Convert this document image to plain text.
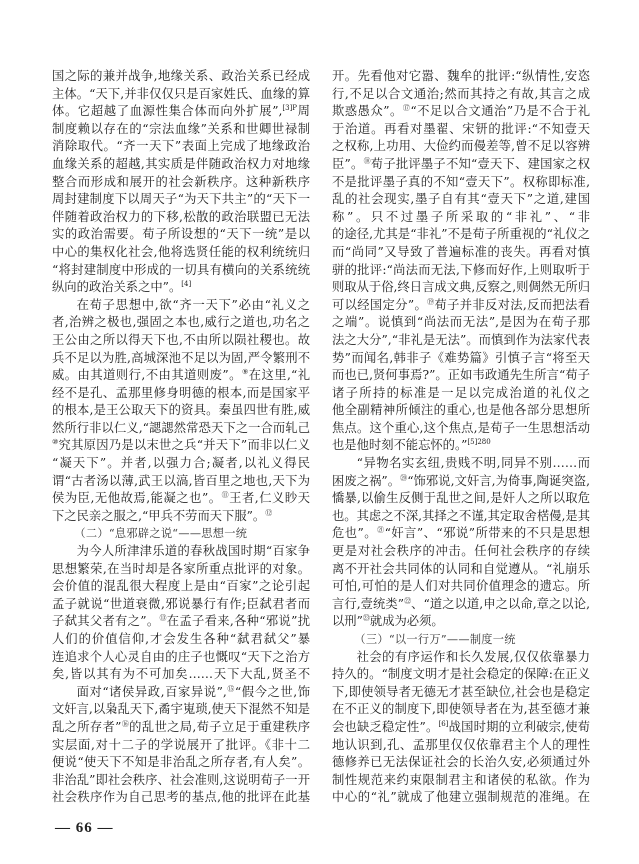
国之际的兼并战争,地缘关系、政治关系已经成
主体。“天下,并非仅仅只是百家姓氏、血缘的算
体。它超越了血源性集合体而向外扩展”,$^{[3]P}$周
制度赖以存在的“宗法血缘”关系和世卿世禄制
消除取代。“齐一天下”表面上完成了地缘政治
血缘关系的超越,其实质是伴随政治权力对地缘
整合而形成和展开的社会新秩序。这种新秩序
周封建制度下以周天子“为天下共主”的“天下一
伴随着政治权力的下移,松散的政治联盟已无法
实的政治需要。荀子所设想的“天下一统”是以
中心的集权化社会,他将选贤任能的权利统统归
“将封建制度中形成的一切具有横向的关系统统
纵向的政治关系之中”。[4]
在荀子思想中,欲“齐一天下”必由“礼义之
者,治辨之极也,强固之本也,威行之道也,功名之
王公由之所以得天下也,不由所以陨社稷也。故
兵不足以为胜,高城深池不足以为固,严令繁刑不
威。由其道则行,不由其道则废”。⑨在这里,“礼
经不是孔、孟那里修身明德的根本,而是国家平
的根本,是王公取天下的资具。秦虽四世有胜,威
然所行非以仁义,“諰諰然常恐天下之一合而轧己
⑩究其原因乃是以末世之兵“并天下”而非以仁义
“凝天下”。并者,以强力合;凝者,以礼义得民
谓“古者汤以薄,武王以滈,皆百里之地也,天下为
侯为臣,无他故焉,能凝之也”。⑪王者,仁义眇天
下之民亲之服之,“甲兵不劳而天下服”。⑫
（二）“息邪辟之说“——思想一统
为今人所津津乐道的春秋战国时期“百家争
思想繁荣,在当时却是各家所重点批评的对象。
会价值的混乱很大程度上是由“百家”之论引起
孟子就说“世道衰微,邪说暴行有作;臣弑君者而
子弑其父者有之”。⑬在孟子看来,各种“邪说”扰
人们的价值信仰,才会发生各种“弑君弑父”暴
连追求个人心灵自由的庄子也慨叹“天下之治方
矣,皆以其有为不可加矣……天下大乱,贤圣不
面对“诸侯异政,百家异说”,⑮“假今之世,饰
文奸言,以枭乱天下,矞宇嵬琐,使天下混然不知是
乱之所存者”⑯的乱世之局,荀子立足于重建秩序
实层面,对十二子的学说展开了批评。《非十二
便说“使天下不知是非治乱之所存者,有人矣”。
非治乱”即社会秩序、社会准则,这说明荀子一开
社会秩序作为自己思考的基点,他的批评在此基
开。先看他对它嚣、魏牟的批评:“纵情性,安恣
行,不足以合文通治;然而其持之有故,其言之成
欺惑愚众”。⑰“不足以合文通治”乃是不合于礼
于治道。再看对墨翟、宋钘的批评:“不知壹天
之权称,上功用、大俭约而僈差等,曾不足以容辨
臣”。⑱荀子批评墨子不知“壹天下、建国家之权
不是批评墨子真的不知“壹天下”。权称即标准,
乱的社会现实,墨子自有其“壹天下”之道,建国
称”。只不过墨子所采取的“非礼”、“非
的途径,尤其是“非礼”不是荀子所重视的“礼仪之
而“尚同”又导致了普遍标准的丧失。再看对慎
骈的批评:“尚法而无法,下修而好作,上则取听于
则取从于俗,终日言成文典,反察之,则倜然无所归
可以经国定分”。⑲荀子并非反对法,反而把法看
之端”。说慎到“尚法而无法”,是因为在荀子那
法之大分”,“非礼是无法”。而慎到作为法家代表
势”而闻名,韩非子《难势篇》引慎子言“将至天
而也已,贤何事焉?”。正如韦政通先生所言“荀子
诸子所持的标准是一足以完成治道的礼仪之
他全副精神所倾注的重心,也是他各部分思想所
焦点。这个重心,这个焦点,是荀子一生思想活动
也是他时刻不能忘怀的。”$^{[5]280}$
“异物名实玄纽,贵贱不明,同异不别……而
困废之祸”。⑳“饰邪说,文奸言,为倚事,陶诞突盗,
憍暴,以偷生反侧于乱世之间,是奸人之所以取危
也。其虑之不深,其择之不谨,其定取舍楛僈,是其
危也”。$^㉑$“奸言”、“邪说”所带来的不只是思想
更是对社会秩序的冲击。任何社会秩序的存续
离不开社会共同体的认同和自觉遵从。“礼崩乐
可怕,可怕的是人们对共同价值理念的遗忘。所
言行,壹统类”$^㉒$、“道之以道,申之以命,章之以论,
以刑”$^㉓$就成为必须。
（三）“以一行万”——制度一统
社会的有序运作和长久发展,仅仅依靠暴力
持久的。“制度文明才是社会稳定的保障:在正义
下,即使领导者无德无才甚至缺位,社会也是稳定
在不正义的制度下,即使领导者在为,甚至德才兼
会也缺乏稳定性”。[6]战国时期的立利破宗,使荀
地认识到,孔、孟那里仅仅依靠君主个人的理性
德修养已无法保证社会的长治久安,必须通过外
制性规范来约束限制君主和诸侯的私欲。作为
中心的“礼”就成了他建立强制规范的准绳。在
— 66 —
